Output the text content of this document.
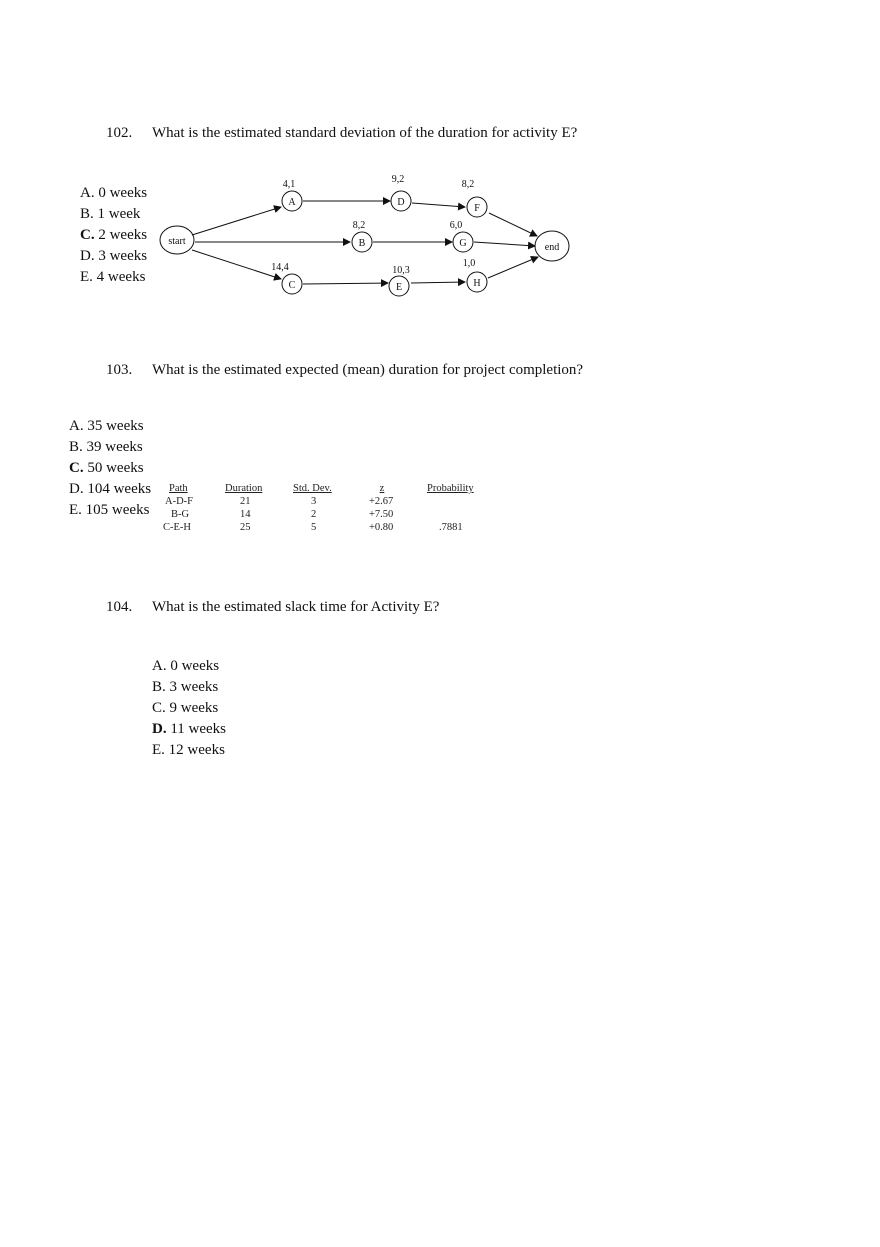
102. What is the estimated standard deviation of the duration for activity E?
A. 0 weeks
B. 1 week
C. 2 weeks
D. 3 weeks
E. 4 weeks
start
A	D
F
B	G
C	E	H
end
4,1	9,2	8,2
8,2	6,0
14,4	10,3
1,0
103. What is the estimated expected (mean) duration for project completion?
A. 35 weeks
B. 39 weeks
C. 50 weeks
D. 104 weeks
E. 105 weeks
Path	Duration	Std. Dev.	z	Probability
A-D-F	21	3	+2.67
B-G	14	2	+7.50
C-E-H	25	5	+0.80	.7881
104. What is the estimated slack time for Activity E?
A. 0 weeks
B. 3 weeks
C. 9 weeks
D. 11 weeks
E. 12 weeks
